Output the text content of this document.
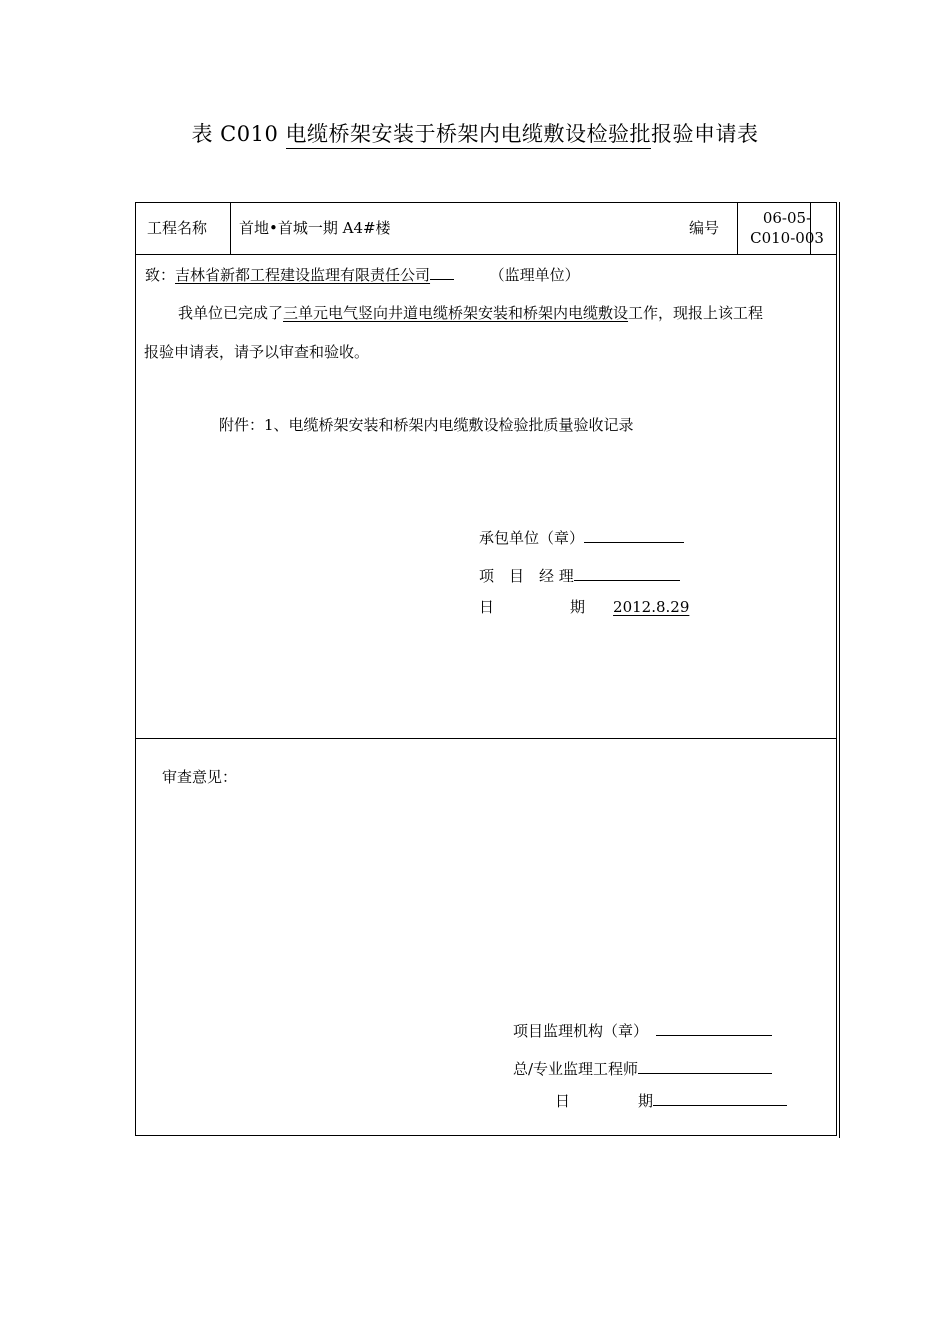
表 C010 电缆桥架安装于桥架内电缆敷设检验批报验申请表
工程名称	首地•首城一期 A4#楼	编号
06-05-
C010-003
致：吉林省新都工程建设监理有限责任公司	（监理单位）
我单位已完成了三单元电气竖向井道电缆桥架安装和桥架内电缆敷设工作，现报上该工程
报验申请表，请予以审查和验收。
附件：1、电缆桥架安装和桥架内电缆敷设检验批质量验收记录
承包单位（章）
项　目　经 理
日	期 2012.8.29
审查意见：
项目监理机构（章）
总/专业监理工程师
日	期
